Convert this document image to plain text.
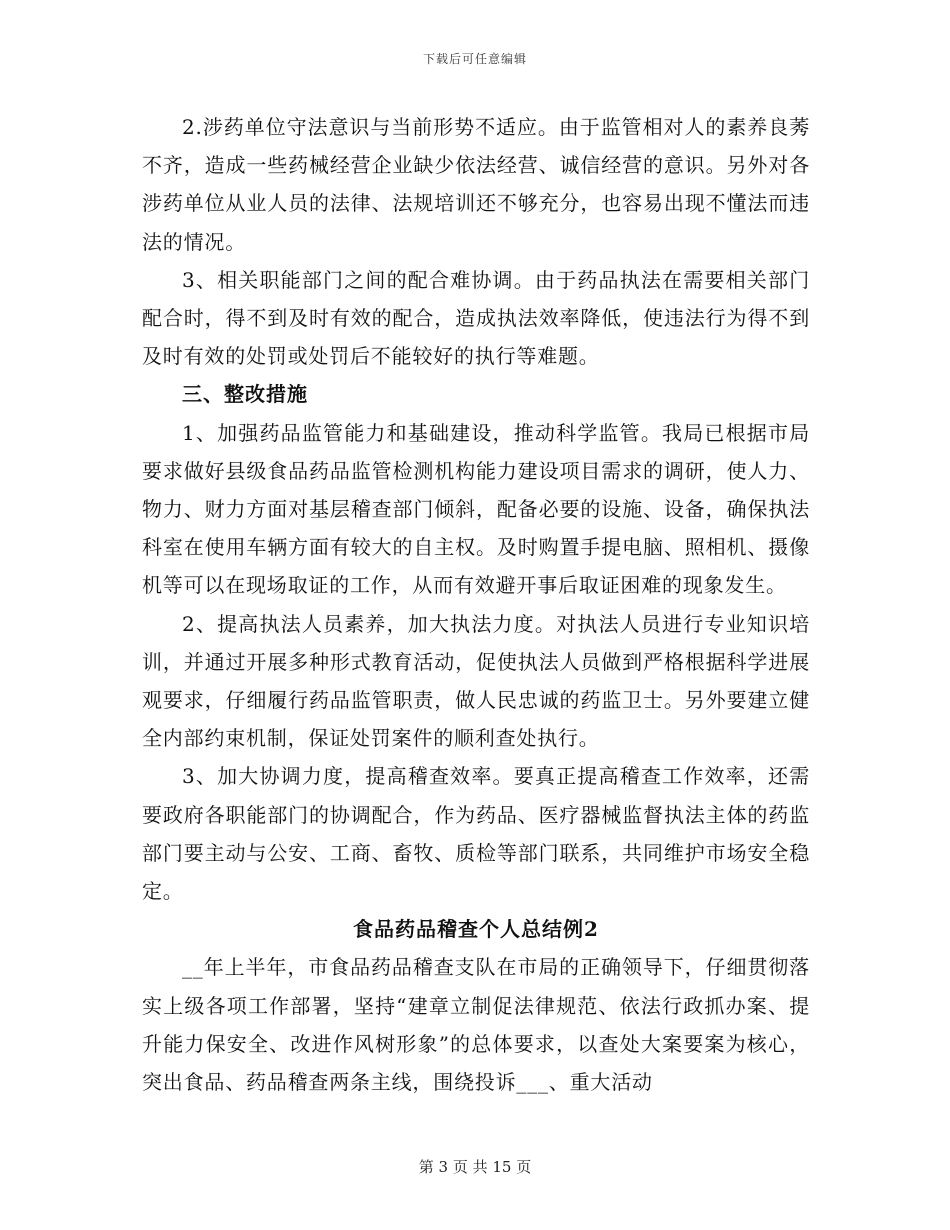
下载后可任意编辑

2.涉药单位守法意识与当前形势不适应。由于监管相对人的素养良莠不齐，造成一些药械经营企业缺少依法经营、诚信经营的意识。另外对各涉药单位从业人员的法律、法规培训还不够充分，也容易出现不懂法而违法的情况。

3、相关职能部门之间的配合难协调。由于药品执法在需要相关部门配合时，得不到及时有效的配合，造成执法效率降低，使违法行为得不到及时有效的处罚或处罚后不能较好的执行等难题。

三、整改措施

1、加强药品监管能力和基础建设，推动科学监管。我局已根据市局要求做好县级食品药品监管检测机构能力建设项目需求的调研，使人力、物力、财力方面对基层稽查部门倾斜，配备必要的设施、设备，确保执法科室在使用车辆方面有较大的自主权。及时购置手提电脑、照相机、摄像机等可以在现场取证的工作，从而有效避开事后取证困难的现象发生。

2、提高执法人员素养，加大执法力度。对执法人员进行专业知识培训，并通过开展多种形式教育活动，促使执法人员做到严格根据科学进展观要求，仔细履行药品监管职责，做人民忠诚的药监卫士。另外要建立健全内部约束机制，保证处罚案件的顺利查处执行。

3、加大协调力度，提高稽查效率。要真正提高稽查工作效率，还需要政府各职能部门的协调配合，作为药品、医疗器械监督执法主体的药监部门要主动与公安、工商、畜牧、质检等部门联系，共同维护市场安全稳定。

食品药品稽查个人总结例2

__年上半年，市食品药品稽查支队在市局的正确领导下，仔细贯彻落实上级各项工作部署，坚持“建章立制促法律规范、依法行政抓办案、提升能力保安全、改进作风树形象”的总体要求，以查处大案要案为核心，突出食品、药品稽查两条主线，围绕投诉___、重大活动

第 3 页 共 15 页
